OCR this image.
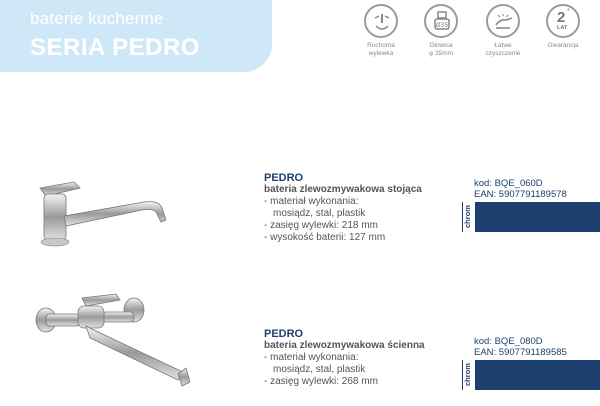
baterie kuchenne
SERIA PEDRO	Ruchoma
wylewka
Ø35
Głowica
φ 35mm
Łatwe
czyszczenie
2 *
LAT
Gwarancja
PEDRO
bateria zlewozmywakowa stojąca
- materiał wykonania:
mosiądz, stal, plastik
- zasięg wylewki: 218 mm
- wysokość baterii: 127 mm
kod: BQE_060D
EAN: 5907791189578
chrom
PEDRO
bateria zlewozmywakowa ścienna
- materiał wykonania:
mosiądz, stal, plastik
- zasięg wylewki: 268 mm
kod: BQE_080D
EAN: 5907791189585
chrom
